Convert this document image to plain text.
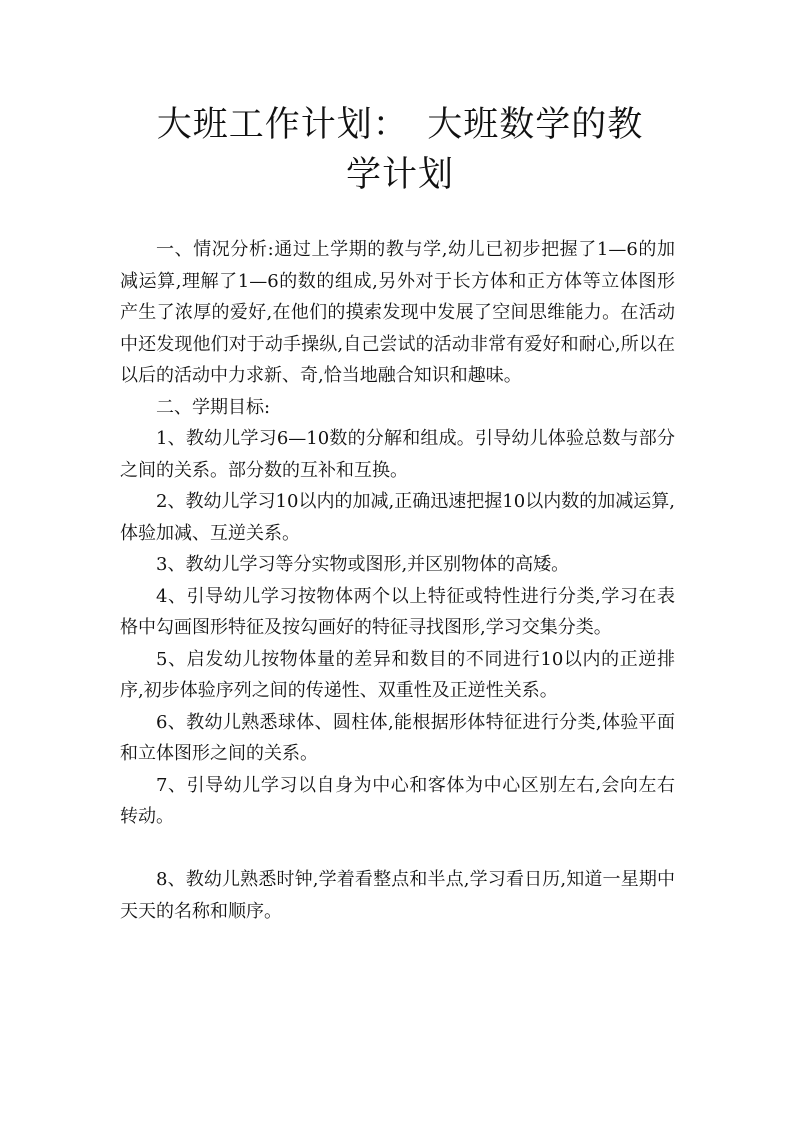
大班工作计划：　大班数学的教
学计划

一、情况分析:通过上学期的教与学,幼儿已初步把握了1—6的加减运算,理解了1—6的数的组成,另外对于长方体和正方体等立体图形产生了浓厚的爱好,在他们的摸索发现中发展了空间思维能力。在活动中还发现他们对于动手操纵,自己尝试的活动非常有爱好和耐心,所以在以后的活动中力求新、奇,恰当地融合知识和趣味。

二、学期目标:

1、教幼儿学习6—10数的分解和组成。引导幼儿体验总数与部分之间的关系。部分数的互补和互换。

2、教幼儿学习10以内的加减,正确迅速把握10以内数的加减运算,体验加减、互逆关系。

3、教幼儿学习等分实物或图形,并区别物体的高矮。

4、引导幼儿学习按物体两个以上特征或特性进行分类,学习在表格中勾画图形特征及按勾画好的特征寻找图形,学习交集分类。

5、启发幼儿按物体量的差异和数目的不同进行10以内的正逆排序,初步体验序列之间的传递性、双重性及正逆性关系。

6、教幼儿熟悉球体、圆柱体,能根据形体特征进行分类,体验平面和立体图形之间的关系。

7、引导幼儿学习以自身为中心和客体为中心区别左右,会向左右转动。

8、教幼儿熟悉时钟,学着看整点和半点,学习看日历,知道一星期中天天的名称和顺序。
